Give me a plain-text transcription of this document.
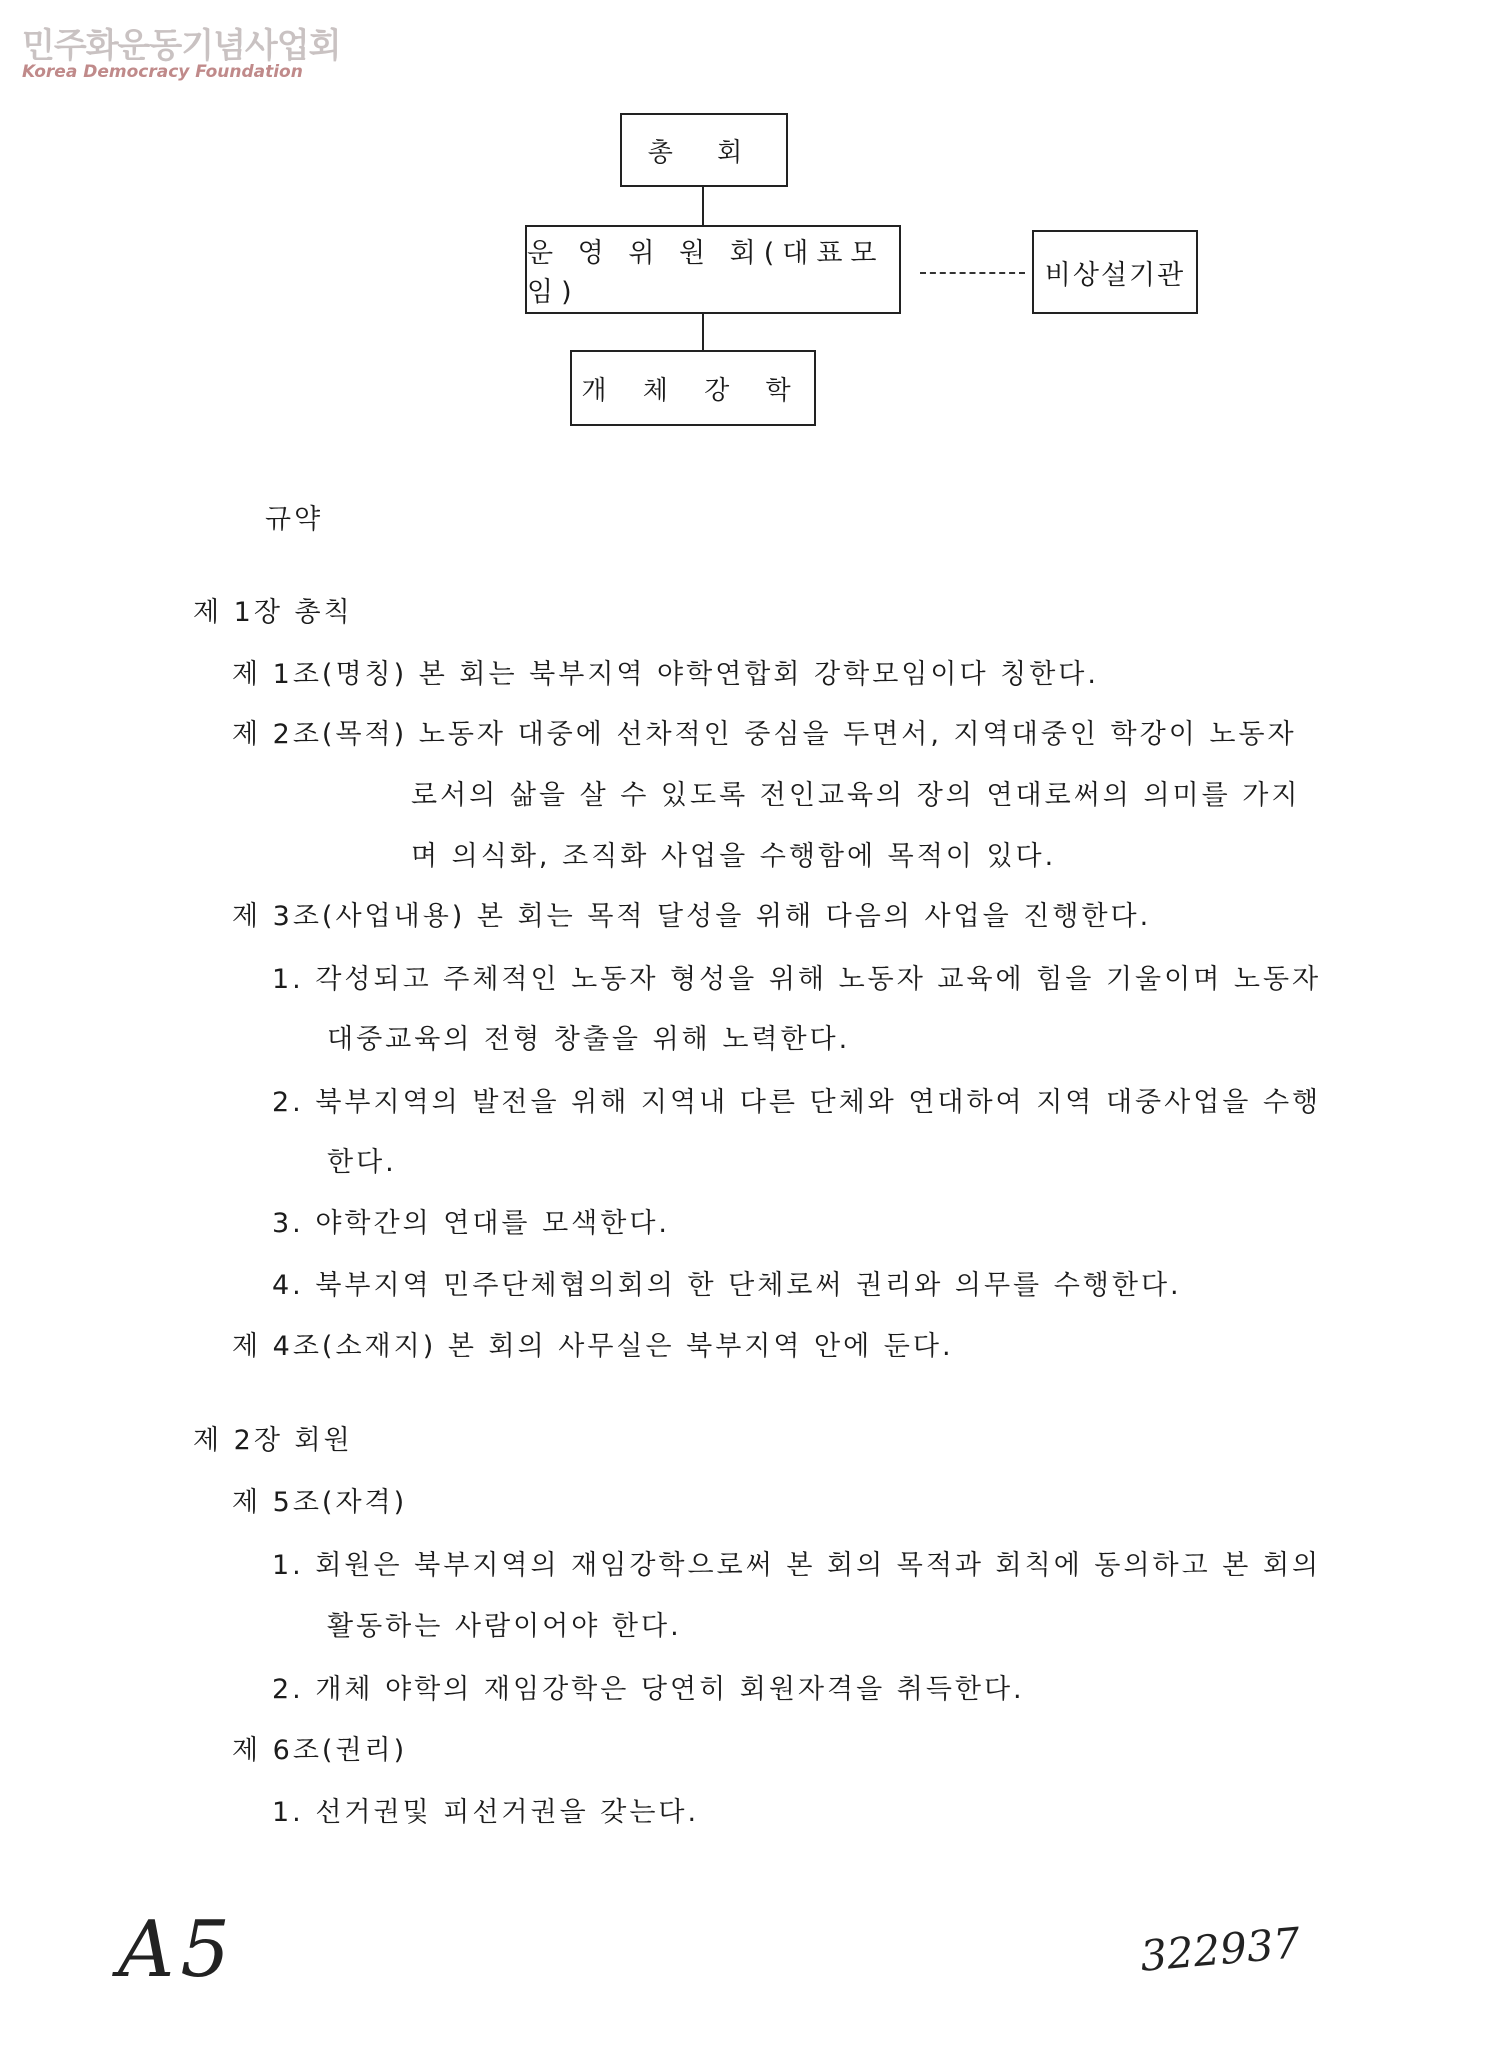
민주화운동기념사업회
Korea Democracy Foundation
총 회
운 영 위 원 회(대표모임)
비상설기관
개 체 강 학
규약
제 1장 총칙
제 1조(명칭) 본 회는 북부지역 야학연합회 강학모임이다 칭한다.
제 2조(목적) 노동자 대중에 선차적인 중심을 두면서, 지역대중인 학강이 노동자
로서의 삶을 살 수 있도록 전인교육의 장의 연대로써의 의미를 가지
며 의식화, 조직화 사업을 수행함에 목적이 있다.
제 3조(사업내용) 본 회는 목적 달성을 위해 다음의 사업을 진행한다.
1. 각성되고 주체적인 노동자 형성을 위해 노동자 교육에 힘을 기울이며 노동자
대중교육의 전형 창출을 위해 노력한다.
2. 북부지역의 발전을 위해 지역내 다른 단체와 연대하여 지역 대중사업을 수행
한다.
3. 야학간의 연대를 모색한다.
4. 북부지역 민주단체협의회의 한 단체로써 권리와 의무를 수행한다.
제 4조(소재지) 본 회의 사무실은 북부지역 안에 둔다.
제 2장 회원
제 5조(자격)
1. 회원은 북부지역의 재임강학으로써 본 회의 목적과 회칙에 동의하고 본 회의
활동하는 사람이어야 한다.
2. 개체 야학의 재임강학은 당연히 회원자격을 취득한다.
제 6조(권리)
1. 선거권및 피선거권을 갖는다.
A5	322937
